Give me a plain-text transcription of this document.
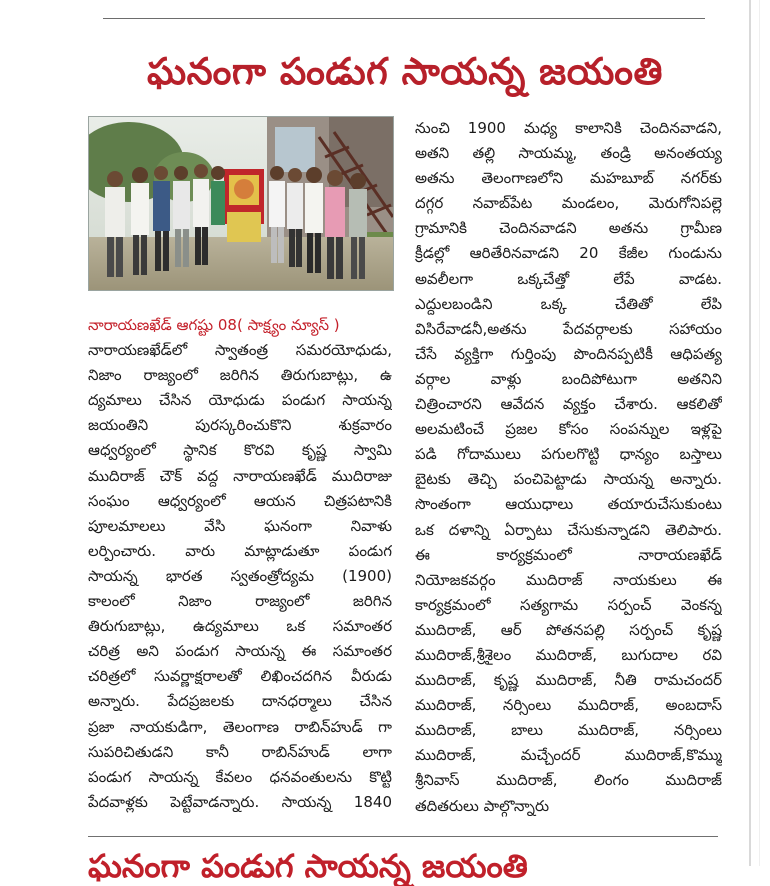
ఘనంగా పండుగ సాయన్న జయంతి
నారాయణఖేడ్ ఆగష్టు 08( సాక్ష్యం న్యూస్ )
నారాయణఖేడ్‌లో స్వాతంత్ర సమరయోధుడు,
నిజాం రాజ్యంలో జరిగిన తిరుగుబాట్లు, ఉ
ద్యమాలు చేసిన యోధుడు పండుగ సాయన్న
జయంతిని పురస్కరించుకొని శుక్రవారం
ఆధ్వర్యంలో స్థానిక కొరవి కృష్ణ స్వామి
ముదిరాజ్ చౌక్ వద్ద నారాయణఖేడ్ ముదిరాజు
సంఘం ఆధ్వర్యంలో ఆయన చిత్రపటానికి
పూలమాలలు వేసి ఘనంగా నివాళు
లర్పించారు. వారు మాట్లాడుతూ పండుగ
సాయన్న భారత స్వతంత్రోద్యమ (1900)
కాలంలో నిజాం రాజ్యంలో జరిగిన
తిరుగుబాట్లు, ఉద్యమాలు ఒక సమాంతర
చరిత్ర అని పండుగ సాయన్న ఈ సమాంతర
చరిత్రలో సువర్ణాక్షరాలతో లిఖించదగిన వీరుడు
అన్నారు. పేదప్రజలకు దానధర్మాలు చేసిన
ప్రజా నాయకుడిగా, తెలంగాణ రాబిన్‌హుడ్ గా
సుపరిచితుడని కానీ రాబిన్‌హుడ్ లాగా
పండుగ సాయన్న కేవలం ధనవంతులను కొట్టి
పేదవాళ్లకు పెట్టేవాడన్నారు. సాయన్న 1840
నుంచి 1900 మధ్య కాలానికి చెందినవాడని,
అతని తల్లి సాయమ్మ, తండ్రి అనంతయ్య
అతను తెలంగాణలోని మహబూబ్ నగర్‌కు
దగ్గర నవాబ్‌పేట మండలం, మెరుగోనిపల్లె
గ్రామానికి చెందినవాడని అతను గ్రామీణ
క్రీడల్లో ఆరితేరినవాడని 20 కేజీల గుండును
అవలీలగా ఒక్కచేత్తో లేపే వాడట.
ఎద్దులబండిని ఒక్క చేతితో లేపి
విసిరేవాడనీ,అతను పేదవర్గాలకు సహాయం
చేసే వ్యక్తిగా గుర్తింపు పొందినప్పటికీ ఆధిపత్య
వర్గాల వాళ్లు బందిపోటుగా అతనిని
చిత్రించారని ఆవేదన వ్యక్తం చేశారు. ఆకలితో
అలమటించే ప్రజల కోసం సంపన్నుల ఇళ్లపై
పడి గోదాములు పగులగొట్టి ధాన్యం బస్తాలు
బైటకు తెచ్చి పంచిపెట్టాడు సాయన్న అన్నారు.
సొంతంగా ఆయుధాలు తయారుచేసుకుంటు
ఒక దళాన్ని ఏర్పాటు చేసుకున్నాడని తెలిపారు.
ఈ కార్యక్రమంలో నారాయణఖేడ్
నియోజకవర్గం ముదిరాజ్ నాయకులు ఈ
కార్యక్రమంలో సత్యగామ సర్పంచ్ వెంకన్న
ముదిరాజ్, ఆర్ పోతనపల్లి సర్పంచ్ కృష్ణ
ముదిరాజ్,శ్రీశైలం ముదిరాజ్, బుగుదాల రవి
ముదిరాజ్, కృష్ణ ముదిరాజ్, నీతి రామచందర్
ముదిరాజ్, నర్సింలు ముదిరాజ్, అంబదాస్
ముదిరాజ్, బాలు ముదిరాజ్, నర్సింలు
ముదిరాజ్, మచ్చేందర్ ముదిరాజ్,కొమ్ము
శ్రీనివాస్ ముదిరాజ్, లింగం ముదిరాజ్
తదితరులు పాల్గొన్నారు
ఘనంగా పండుగ సాయన్న జయంతి
